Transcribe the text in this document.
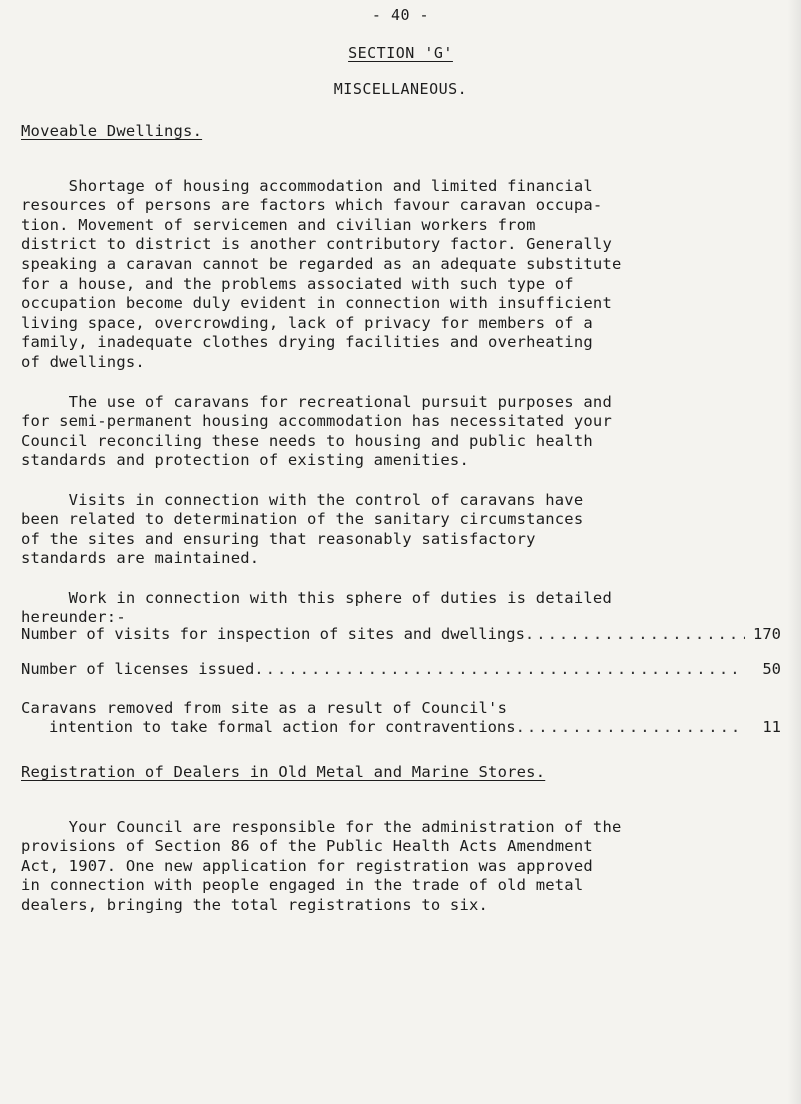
- 40 -
SECTION 'G'
MISCELLANEOUS.
Moveable Dwellings.

Shortage of housing accommodation and limited financial
resources of persons are factors which favour caravan occupa-
tion. Movement of servicemen and civilian workers from
district to district is another contributory factor. Generally
speaking a caravan cannot be regarded as an adequate substitute
for a house, and the problems associated with such type of
occupation become duly evident in connection with insufficient
living space, overcrowding, lack of privacy for members of a
family, inadequate clothes drying facilities and overheating
of dwellings.

The use of caravans for recreational pursuit purposes and
for semi-permanent housing accommodation has necessitated your
Council reconciling these needs to housing and public health
standards and protection of existing amenities.

Visits in connection with the control of caravans have
been related to determination of the sanitary circumstances
of the sites and ensuring that reasonably satisfactory
standards are maintained.

Work in connection with this sphere of duties is detailed
hereunder:-
Number of visits for inspection of sites and dwellings .....	170
Number of licenses issued .....	50
Caravans removed from site as a result of Council's
intention to take formal action for contraventions .....	11
Registration of Dealers in Old Metal and Marine Stores.

Your Council are responsible for the administration of the
provisions of Section 86 of the Public Health Acts Amendment
Act, 1907. One new application for registration was approved
in connection with people engaged in the trade of old metal
dealers, bringing the total registrations to six.
